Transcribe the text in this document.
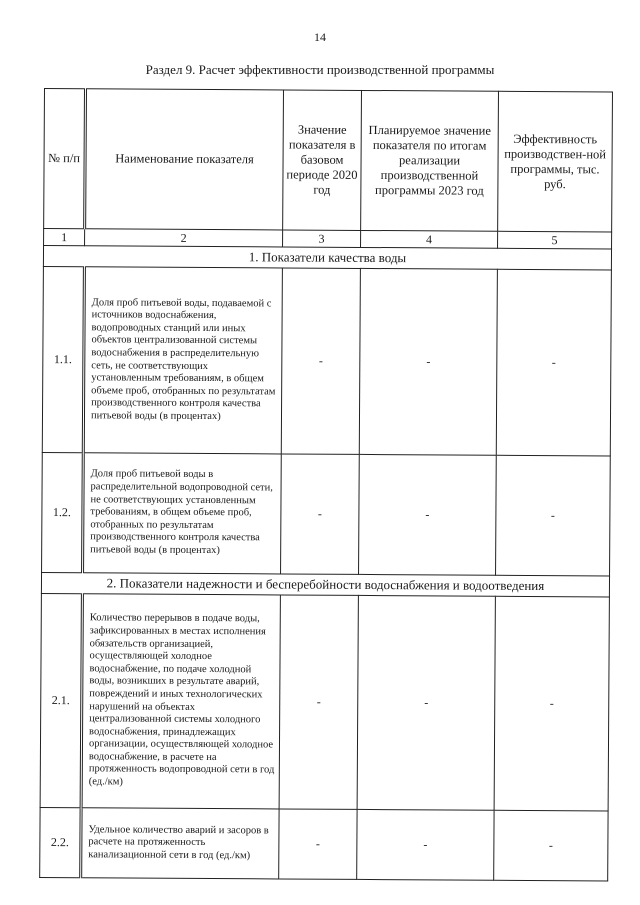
14
Раздел 9. Расчет эффективности производственной программы
№ п/п	Наименование показателя	Значение показателя в базовом периоде 2020 год	Планируемое значение показателя по итогам реализации производственной программы 2023 год	Эффективность производствен-ной программы, тыс. руб.
1	2	3	4	5
1. Показатели качества воды				
1.1.	Доля проб питьевой воды, подаваемой с источников водоснабжения, водопроводных станций или иных объектов централизованной системы водоснабжения в распределительную сеть, не соответствующих установленным требованиям, в общем объеме проб, отобранных по результатам производственного контроля качества питьевой воды (в процентах)	-	-	-
1.2.	Доля проб питьевой воды в распределительной водопроводной сети, не соответствующих установленным требованиям, в общем объеме проб, отобранных по результатам производственного контроля качества питьевой воды (в процентах)	-	-	-
2. Показатели надежности и бесперебойности водоснабжения и водоотведения				
2.1.	Количество перерывов в подаче воды, зафиксированных в местах исполнения обязательств организацией, осуществляющей холодное водоснабжение, по подаче холодной воды, возникших в результате аварий, повреждений и иных технологических нарушений на объектах централизованной системы холодного водоснабжения, принадлежащих организации, осуществляющей холодное водоснабжение, в расчете на протяженность водопроводной сети в год (ед./км)	-	-	-
2.2.	Удельное количество аварий и засоров в расчете на протяженность канализационной сети в год (ед./км)	-	-	-
